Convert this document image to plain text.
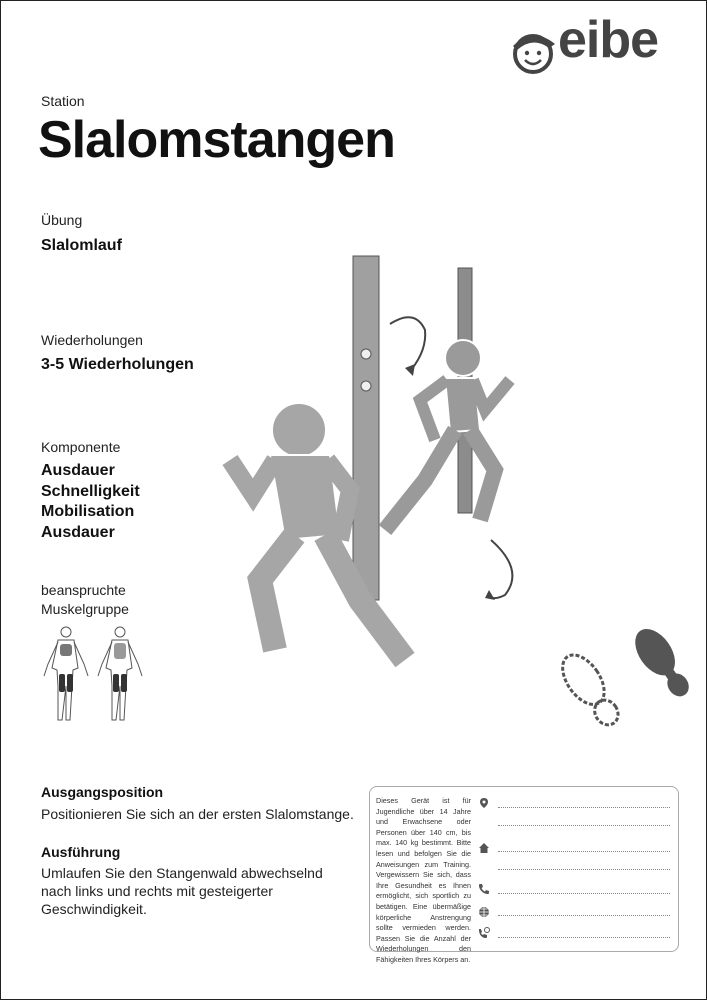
eibe
Station
Slalomstangen
Übung
Slalomlauf
Wiederholungen
3-5 Wiederholungen
Komponente
Ausdauer
Schnelligkeit
Mobilisation
Ausdauer
beanspruchte
Muskelgruppe
Ausgangsposition
Positionieren Sie sich an der ersten Slalomstange.
Ausführung
Umlaufen Sie den Stangenwald abwechselnd
nach links und rechts mit gesteigerter
Geschwindigkeit.
Dieses Gerät ist für Jugendliche über 14 Jahre und Erwachsene oder Personen über 140 cm, bis max. 140 kg bestimmt. Bitte lesen und befolgen Sie die Anweisungen zum Training. Vergewissern Sie sich, dass Ihre Gesundheit es Ihnen ermöglicht, sich sportlich zu betätigen. Eine übermäßige körperliche Anstrengung sollte vermieden werden. Passen Sie die Anzahl der Wiederholungen den Fähigkeiten Ihres Körpers an.
